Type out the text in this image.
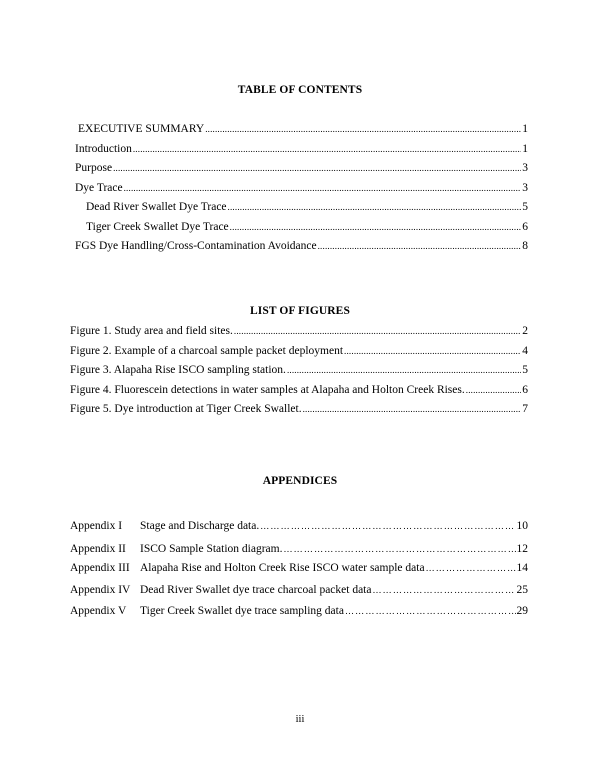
TABLE OF CONTENTS
EXECUTIVE SUMMARY .....	1
Introduction .....	1
Purpose .....	3
Dye Trace .....	3
Dead River Swallet Dye Trace .....	5
Tiger Creek Swallet Dye Trace .....	6
FGS Dye Handling/Cross-Contamination Avoidance .....	8
LIST OF FIGURES
Figure 1. Study area and field sites. .....	2
Figure 2. Example of a charcoal sample packet deployment .....	4
Figure 3. Alapaha Rise ISCO sampling station. .....	5
Figure 4. Fluorescein detections in water samples at Alapaha and Holton Creek Rises. .....	6
Figure 5. Dye introduction at Tiger Creek Swallet. .....	7
APPENDICES
Appendix I	Stage and Discharge data. ………………………………………………………………………………………………………………………………………………………………………………	10
Appendix II	ISCO Sample Station diagram. ………………………………………………………………………………………………………………………………………………………………………………	12
Appendix III Alapaha Rise and Holton Creek Rise ISCO water sample data ………………………………………………………………………………………………………………………………………………………………………………	14
Appendix IV Dead River Swallet dye trace charcoal packet data ………………………………………………………………………………………………………………………………………………………………………………	25
Appendix V	Tiger Creek Swallet dye trace sampling data ………………………………………………………………………………………………………………………………………………………………………………	29
iii
